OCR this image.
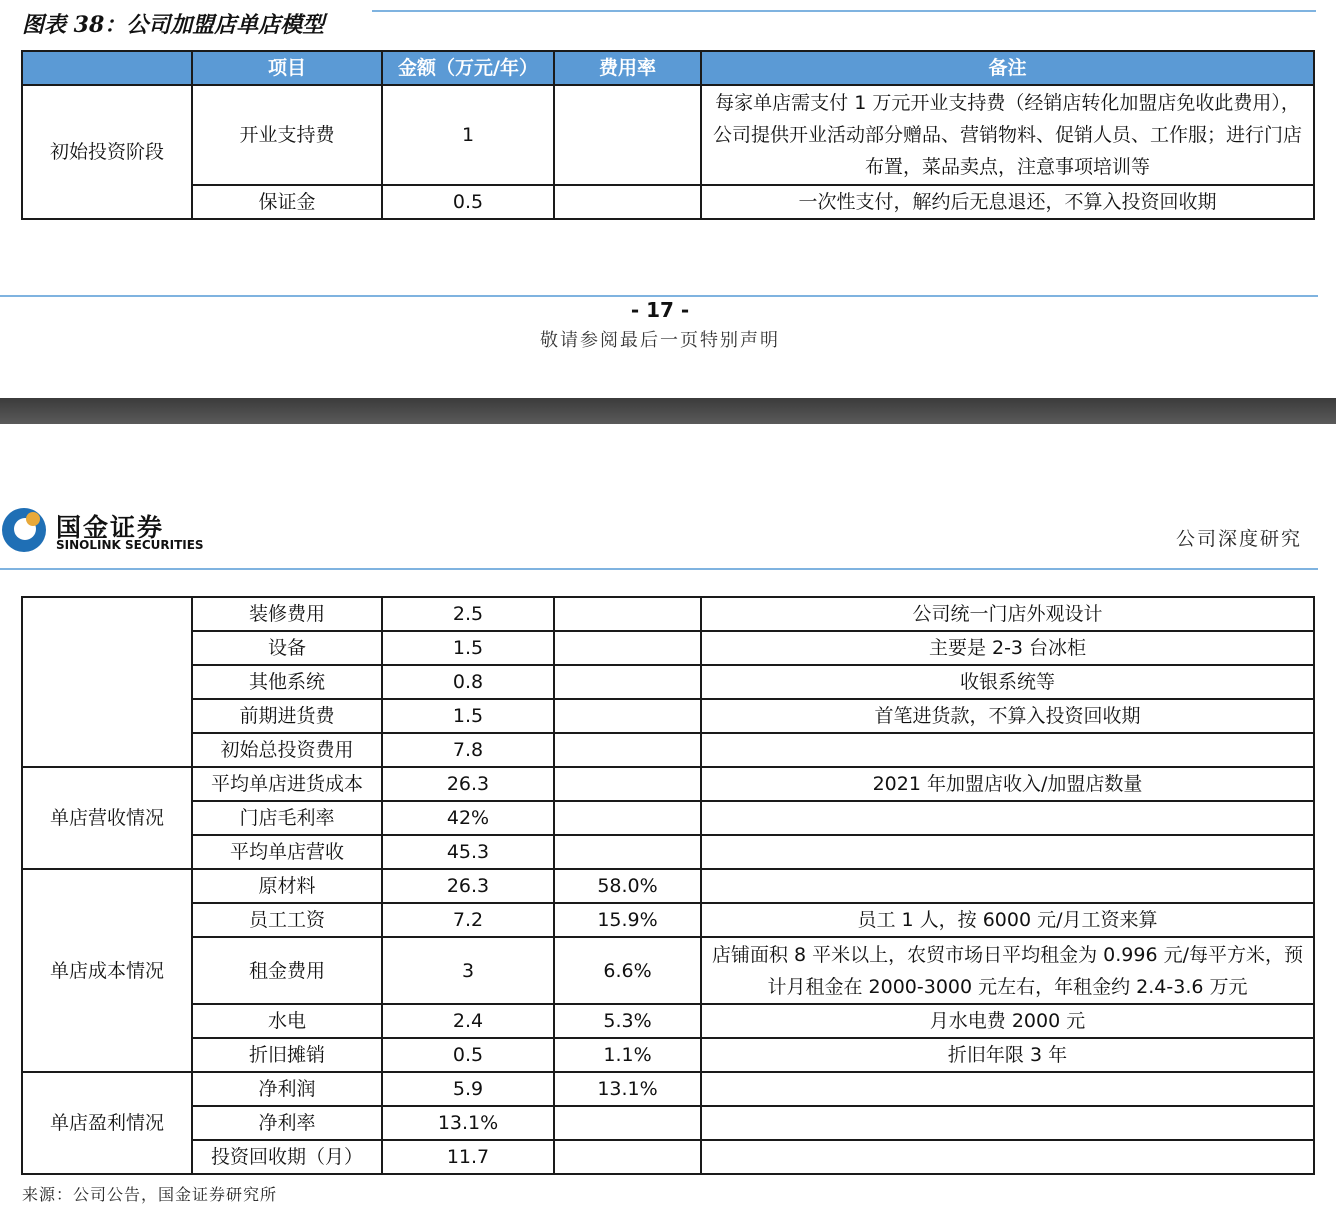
图表 38：公司加盟店单店模型
	项目	金额（万元/年）	费用率	备注
初始投资阶段	开业支持费	1		每家单店需支付 1 万元开业支持费（经销店转化加盟店免收此费用），公司提供开业活动部分赠品、营销物料、促销人员、工作服；进行门店布置，菜品卖点，注意事项培训等
	保证金	0.5		一次性支付，解约后无息退还，不算入投资回收期
- 17 -
敬请参阅最后一页特别声明
国金证券
SINOLINK SECURITIES	公司深度研究
	装修费用	2.5		公司统一门店外观设计
	设备	1.5		主要是 2-3 台冰柜
	其他系统	0.8		收银系统等
	前期进货费	1.5		首笔进货款，不算入投资回收期
	初始总投资费用	7.8		
单店营收情况	平均单店进货成本	26.3		2021 年加盟店收入/加盟店数量
	门店毛利率	42%		
	平均单店营收	45.3		
单店成本情况	原材料	26.3	58.0%	
	员工工资	7.2	15.9%	员工 1 人，按 6000 元/月工资来算
	租金费用	3	6.6%	店铺面积 8 平米以上，农贸市场日平均租金为 0.996 元/每平方米，预计月租金在 2000-3000 元左右，年租金约 2.4-3.6 万元
	水电	2.4	5.3%	月水电费 2000 元
	折旧摊销	0.5	1.1%	折旧年限 3 年
单店盈利情况	净利润	5.9	13.1%	
	净利率	13.1%		
	投资回收期（月）	11.7		
来源：公司公告，国金证券研究所
